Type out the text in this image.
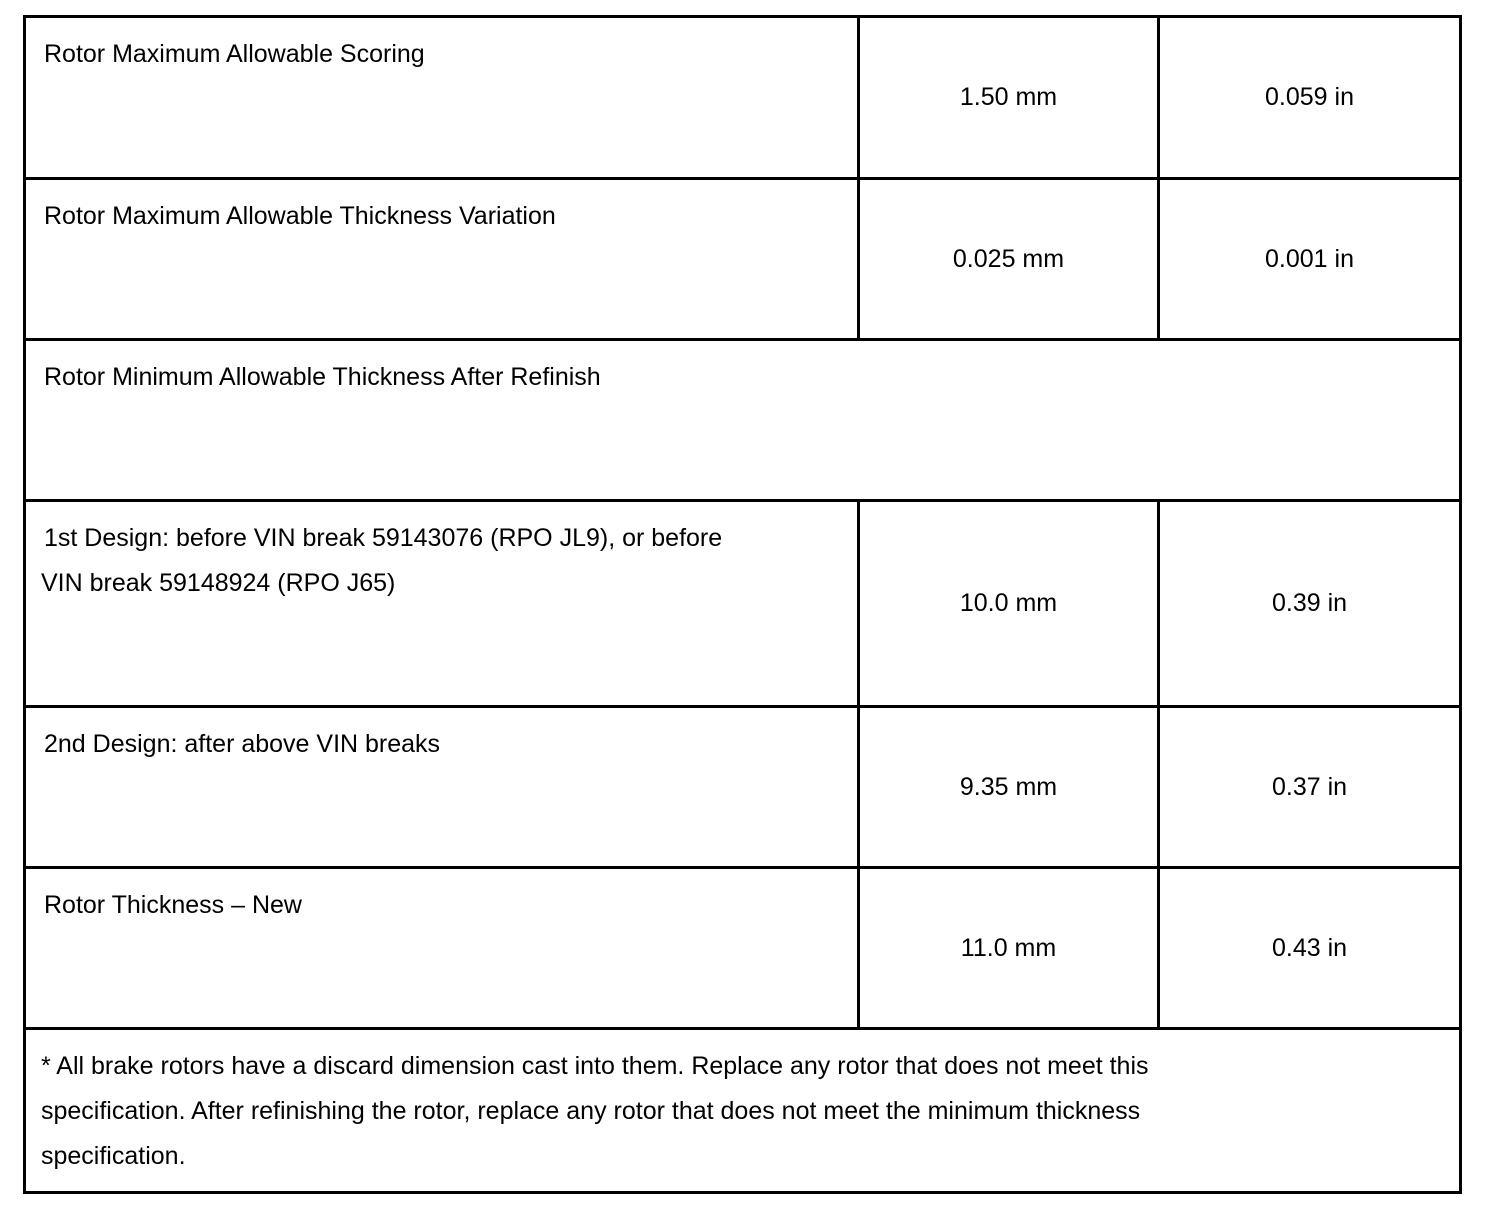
Rotor Maximum Allowable Scoring	1.50 mm	0.059 in
Rotor Maximum Allowable Thickness Variation	0.025 mm	0.001 in
Rotor Minimum Allowable Thickness After Refinish		

1st Design: before VIN break 59143076 (RPO JL9), or before
VIN break 59148924 (RPO J65)	10.0 mm	0.39 in
2nd Design: after above VIN breaks	9.35 mm	0.37 in
Rotor Thickness – New	11.0 mm	0.43 in

* All brake rotors have a discard dimension cast into them. Replace any rotor that does not meet this
specification. After refinishing the rotor, replace any rotor that does not meet the minimum thickness
specification.		
